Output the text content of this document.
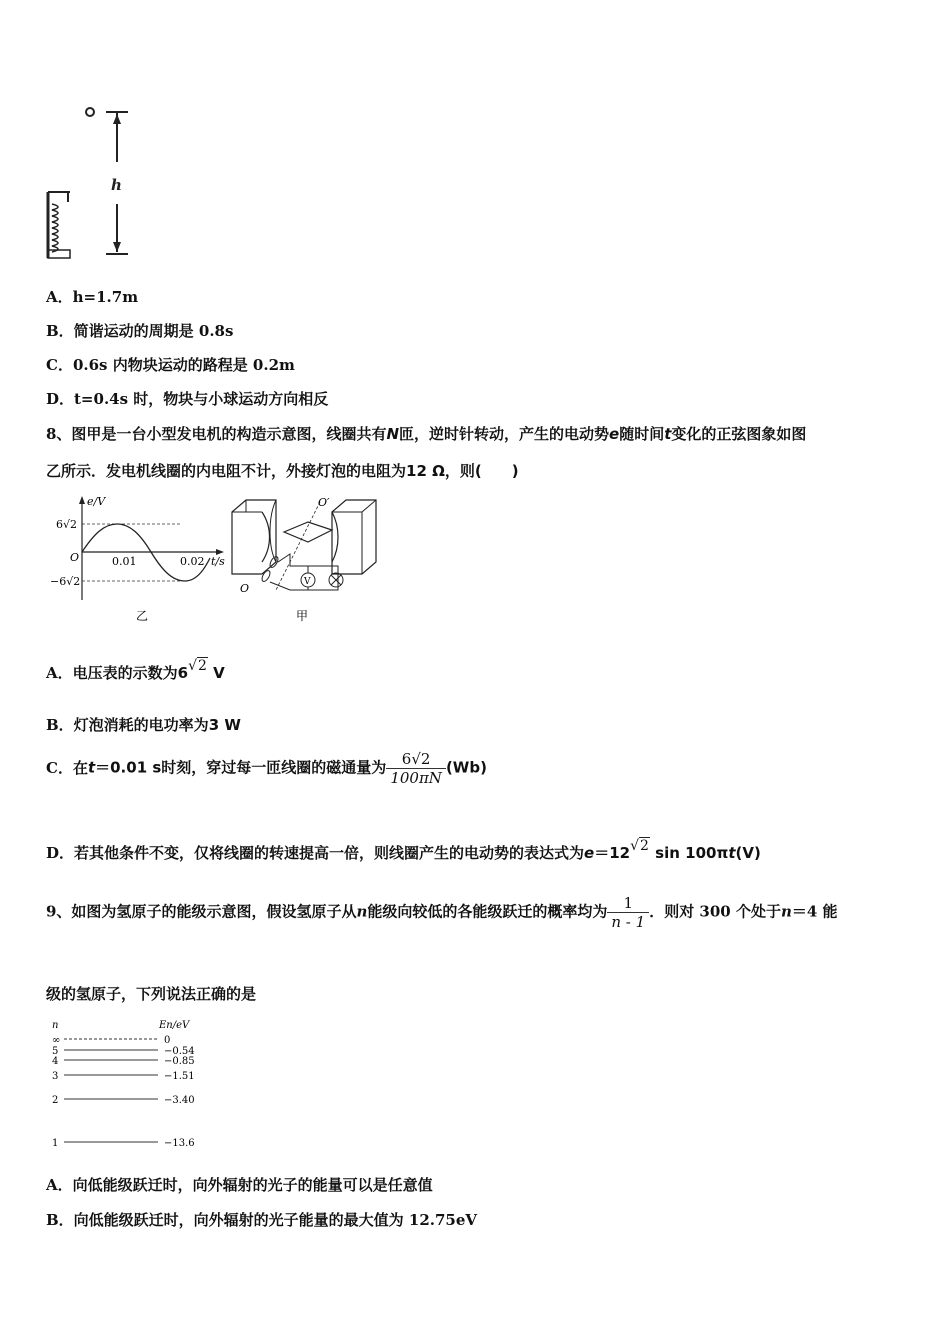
h
A．h=1.7m
B．简谐运动的周期是 0.8s
C．0.6s 内物块运动的路程是 0.2m
D．t=0.4s 时，物块与小球运动方向相反
8、图甲是一台小型发电机的构造示意图，线圈共有N匝，逆时针转动，产生的电动势e随时间t变化的正弦图象如图
乙所示．发电机线圈的内电阻不计，外接灯泡的电阻为12 Ω，则(　　)
e/V
t/s
O
6√2
−6√2
0.01	0.02
乙
O′
O	V
甲
A．电压表的示数为6√2 V
B．灯泡消耗的电功率为3 W
C．在t＝0.01 s时刻，穿过每一匝线圈的磁通量为 $\frac{6√2}{100\pi N} (Wb)$
D．若其他条件不变，仅将线圈的转速提高一倍，则线圈产生的电动势的表达式为e＝12√2 sin 100πt(V)
9、如图为氢原子的能级示意图，假设氢原子从n能级向较低的各能级跃迁的概率均为 $\frac{1}{n - 1}$ ．则对 300 个处于n＝4 能
级的氢原子，下列说法正确的是
n	En/eV
∞	0
5	−0.54
4	−0.85
3	−1.51
2	−3.40
1	−13.6
A．向低能级跃迁时，向外辐射的光子的能量可以是任意值
B．向低能级跃迁时，向外辐射的光子能量的最大值为 12.75eV
